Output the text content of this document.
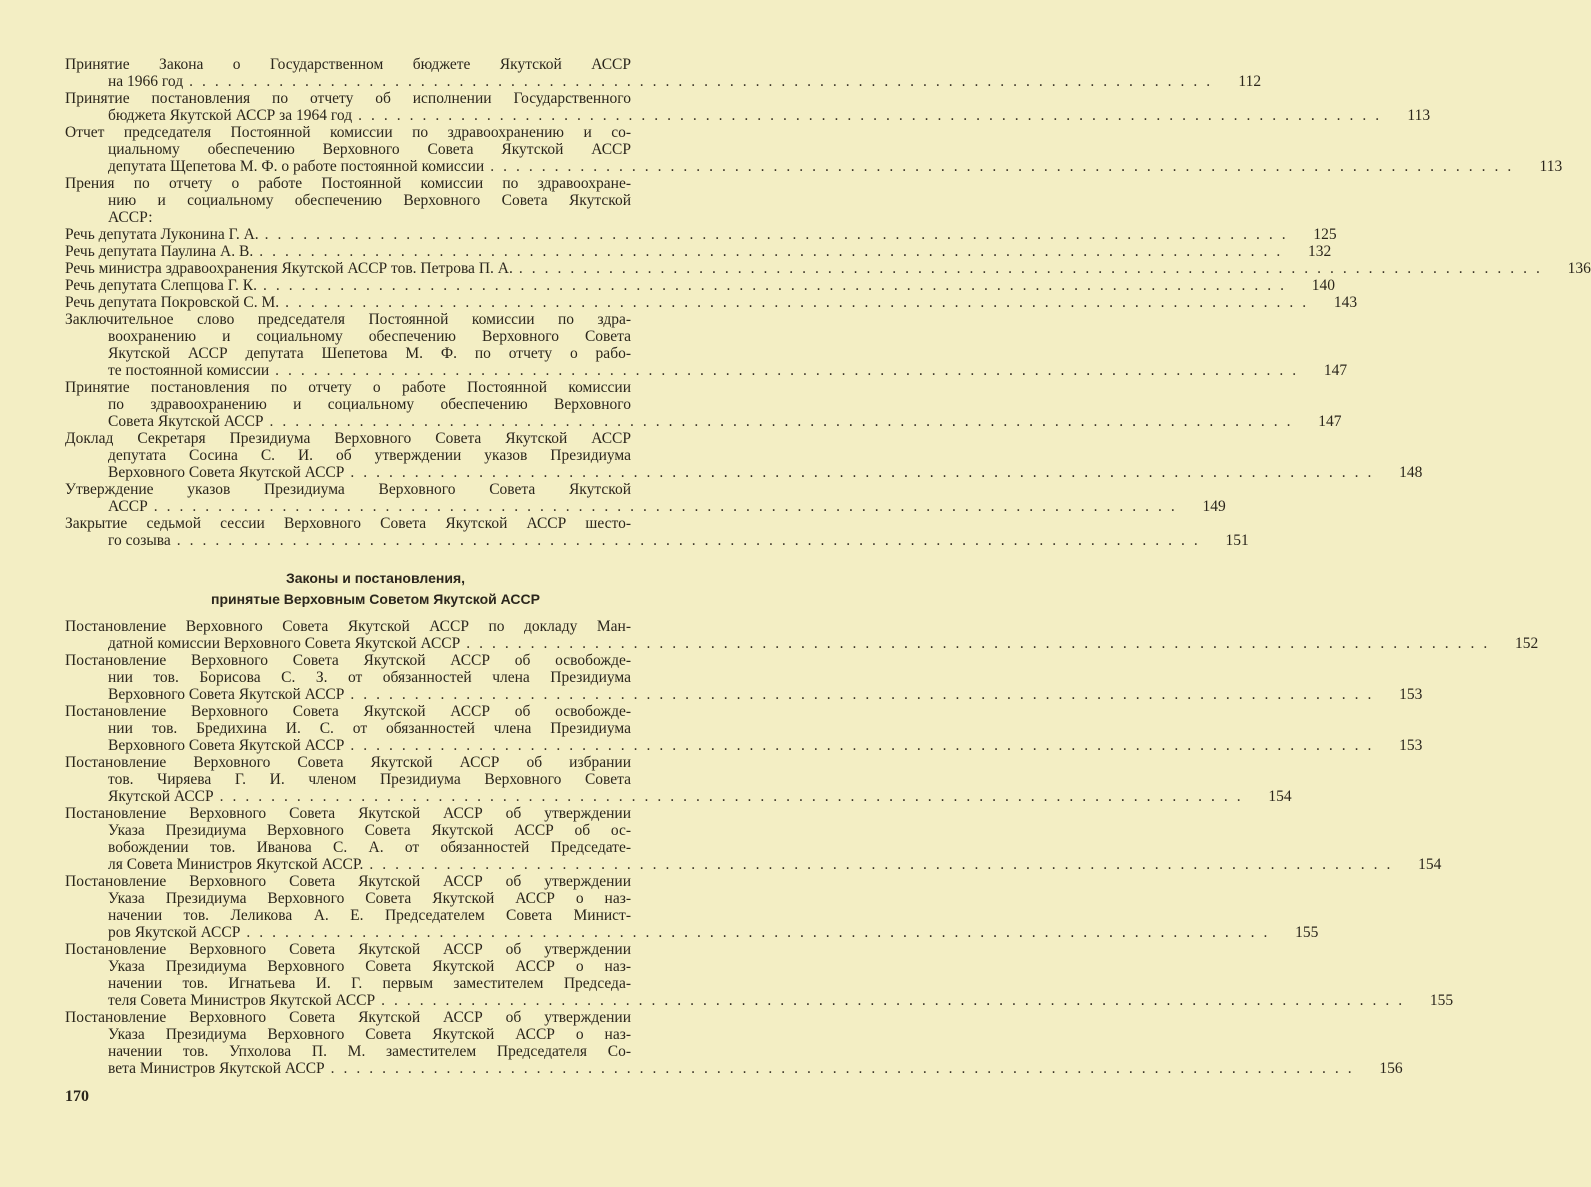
Принятие Закона о Государственном бюджете Якутской АССР
на 1966 год ................................................................................	112
Принятие постановления по отчету об исполнении Государственного
бюджета Якутской АССР за 1964 год ................................................................................	113
Отчет председателя Постоянной комиссии по здравоохранению и со-
циальному обеспечению Верховного Совета Якутской АССР
депутата Щепетова М. Ф. о работе постоянной комиссии ................................................................................	113
Прения по отчету о работе Постоянной комиссии по здравоохране-
нию и социальному обеспечению Верховного Совета Якутской
АССР:
Речь депутата Луконина Г. А. ................................................................................	125
Речь депутата Паулина А. В. ................................................................................	132
Речь министра здравоохранения Якутской АССР тов. Петрова П. А. ................................................................................	136
Речь депутата Слепцова Г. К. ................................................................................	140
Речь депутата Покровской С. М. ................................................................................	143
Заключительное слово председателя Постоянной комиссии по здра-
воохранению и социальному обеспечению Верховного Совета
Якутской АССР депутата Шепетова М. Ф. по отчету о рабо-
те постоянной комиссии ................................................................................	147
Принятие постановления по отчету о работе Постоянной комиссии
по здравоохранению и социальному обеспечению Верховного
Совета Якутской АССР ................................................................................	147
Доклад Секретаря Президиума Верховного Совета Якутской АССР
депутата Сосина С. И. об утверждении указов Президиума
Верховного Совета Якутской АССР ................................................................................	148
Утверждение указов Президиума Верховного Совета Якутской
АССР ................................................................................	149
Закрытие седьмой сессии Верховного Совета Якутской АССР шесто-
го созыва ................................................................................	151
Законы и постановления,
принятые Верховным Советом Якутской АССР
Постановление Верховного Совета Якутской АССР по докладу Ман-
датной комиссии Верховного Совета Якутской АССР ................................................................................	152
Постановление Верховного Совета Якутской АССР об освобожде-
нии тов. Борисова С. З. от обязанностей члена Президиума
Верховного Совета Якутской АССР ................................................................................	153
Постановление Верховного Совета Якутской АССР об освобожде-
нии тов. Бредихина И. С. от обязанностей члена Президиума
Верховного Совета Якутской АССР ................................................................................	153
Постановление Верховного Совета Якутской АССР об избрании
тов. Чиряева Г. И. членом Президиума Верховного Совета
Якутской АССР ................................................................................	154
Постановление Верховного Совета Якутской АССР об утверждении
Указа Президиума Верховного Совета Якутской АССР об ос-
вобождении тов. Иванова С. А. от обязанностей Председате-
ля Совета Министров Якутской АССР. ................................................................................	154
Постановление Верховного Совета Якутской АССР об утверждении
Указа Президиума Верховного Совета Якутской АССР о наз-
начении тов. Леликова А. Е. Председателем Совета Минист-
ров Якутской АССР ................................................................................	155
Постановление Верховного Совета Якутской АССР об утверждении
Указа Президиума Верховного Совета Якутской АССР о наз-
начении тов. Игнатьева И. Г. первым заместителем Председа-
теля Совета Министров Якутской АССР ................................................................................	155
Постановление Верховного Совета Якутской АССР об утверждении
Указа Президиума Верховного Совета Якутской АССР о наз-
начении тов. Упхолова П. М. заместителем Председателя Со-
вета Министров Якутской АССР ................................................................................	156
170
